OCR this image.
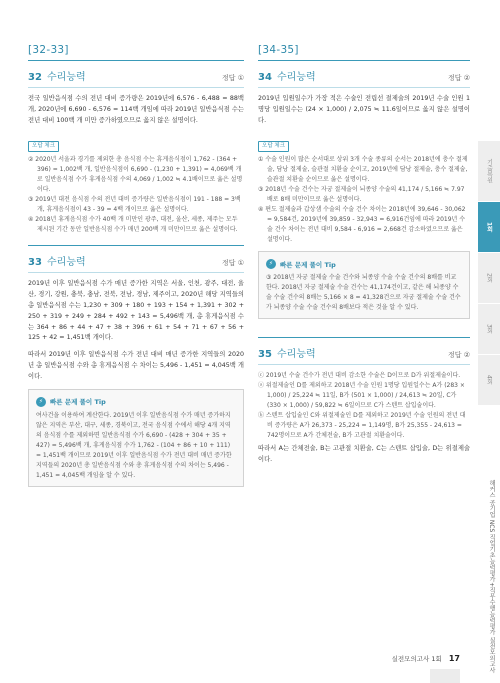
[32-33]
32 수리능력	정답 ①

전국 일반음식점 수의 전년 대비 증가량은 2019년에 6,576 - 6,488 = 88백 개, 2020년에 6,690 - 6,576 = 114백 개임에 따라 2019년 일반음식점 수는 전년 대비 100백 개 미만 증가하였으므로 옳지 않은 설명이다.

오답 체크

② 2020년 서울과 경기를 제외한 총 음식점 수는 휴게음식점이 1,762 - (364 + 396) = 1,002백 개, 일반음식점이 6,690 - (1,230 + 1,391) = 4,069백 개로 일반음식점 수가 휴게음식점 수의 4,069 / 1,002 ≒ 4.1배이므로 옳은 설명이다.

③ 2019년 대전 음식점 수의 전년 대비 증가량은 일반음식점이 191 - 188 = 3백 개, 휴게음식점이 43 - 39 = 4백 개이므로 옳은 설명이다.

④ 2018년 휴게음식점 수가 40백 개 미만인 광주, 대전, 울산, 세종, 제주는 모두 제시된 기간 동안 일반음식점 수가 매년 200백 개 미만이므로 옳은 설명이다.

33 수리능력	정답 ①

2019년 이후 일반음식점 수가 매년 증가한 지역은 서울, 인천, 광주, 대전, 울산, 경기, 강원, 충북, 충남, 전북, 전남, 경남, 제주이고, 2020년 해당 지역들의 총 일반음식점 수는 1,230 + 309 + 180 + 193 + 154 + 1,391 + 302 + 250 + 319 + 249 + 284 + 492 + 143 = 5,496백 개, 총 휴게음식점 수는 364 + 86 + 44 + 47 + 38 + 396 + 61 + 54 + 71 + 67 + 56 + 125 + 42 = 1,451백 개이다.

따라서 2019년 이후 일반음식점 수가 전년 대비 매년 증가한 지역들의 2020년 총 일반음식점 수와 총 휴게음식점 수 차이는 5,496 - 1,451 = 4,045백 개이다.

⚡	빠른 문제 풀이 Tip

여사건을 이용하여 계산한다. 2019년 이후 일반음식점 수가 매년 증가하지 않은 지역은 부산, 대구, 세종, 경북이고, 전국 음식점 수에서 해당 4개 지역의 음식점 수를 제외하면 일반음식점 수가 6,690 - (428 + 304 + 35 + 427) = 5,496백 개, 휴게음식점 수가 1,762 - (104 + 86 + 10 + 111) = 1,451백 개이므로 2019년 이후 일반음식점 수가 전년 대비 매년 증가한 지역들의 2020년 총 일반음식점 수와 총 휴게음식점 수의 차이는 5,496 - 1,451 = 4,045백 개임을 알 수 있다.

[34-35]
34 수리능력	정답 ②

2019년 입원일수가 가장 적은 수술인 전립선 절제술의 2019년 수술 인원 1명당 입원일수는 (24 × 1,000) / 2,075 ≒ 11.6일이므로 옳지 않은 설명이다.

오답 체크

① 수술 인원이 많은 순서대로 상위 3개 수술 종류의 순서는 2018년에 충수 절제술, 담낭 절제술, 슬관절 치환술 순이고, 2019년에 담낭 절제술, 충수 절제술, 슬관절 치환술 순이므로 옳은 설명이다.

③ 2018년 수술 건수는 자궁 절제술이 뇌종양 수술의 41,174 / 5,166 ≒ 7.97배로 8배 미만이므로 옳은 설명이다.

④ 편도 절제술과 갑상샘 수술의 수술 건수 차이는 2018년에 39,646 - 30,062 = 9,584건, 2019년에 39,859 - 32,943 = 6,916건임에 따라 2019년 수술 건수 차이는 전년 대비 9,584 - 6,916 = 2,668건 감소하였으므로 옳은 설명이다.

⚡	빠른 문제 풀이 Tip

③ 2018년 자궁 절제술 수술 건수와 뇌종양 수술 수술 건수의 8배를 비교한다. 2018년 자궁 절제술 수술 건수는 41,174건이고, 같은 해 뇌종양 수술 수술 건수의 8배는 5,166 × 8 = 41,328건으로 자궁 절제술 수술 건수가 뇌종양 수술 수술 건수의 8배보다 적은 것을 알 수 있다.

35 수리능력	정답 ②

ⓒ 2019년 수술 건수가 전년 대비 감소한 수술은 D이므로 D가 위절제술이다.

ⓐ 위절제술인 D를 제외하고 2018년 수술 인원 1명당 입원일수는 A가 (283 × 1,000) / 25,224 ≒ 11일, B가 (501 × 1,000) / 24,613 ≒ 20일, C가 (330 × 1,000) / 59,822 ≒ 6일이므로 C가 스텐트 삽입술이다.

ⓑ 스텐트 삽입술인 C와 위절제술인 D를 제외하고 2019년 수술 인원의 전년 대비 증가량은 A가 26,373 - 25,224 = 1,149명, B가 25,355 - 24,613 = 742명이므로 A가 간체전술, B가 고관절 치환술이다.

따라서 A는 간체전술, B는 고관절 치환술, C는 스텐트 삽입술, D는 위절제술이다.

기출복원
1회
2회
3회
4회
해커스 공기업 NCS 직업기초능력평가+직무수행능력평가 실전모의고사
실전모의고사 1회 17
